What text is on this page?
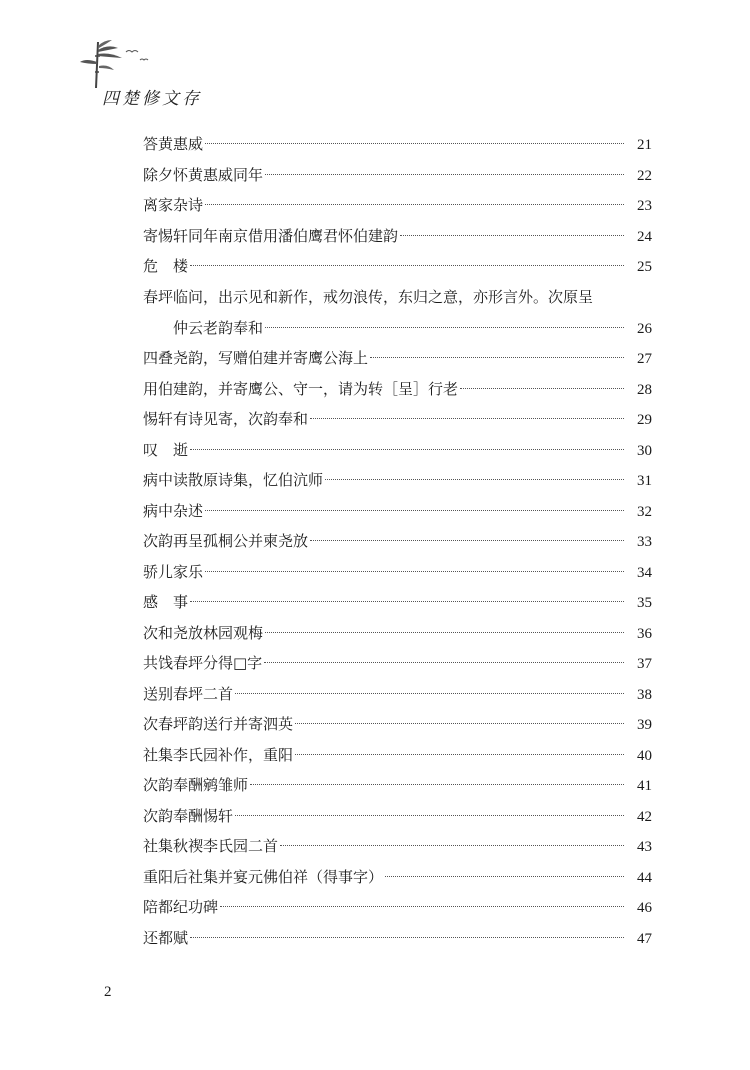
四楚修文存
答黄惠威	21
除夕怀黄惠威同年	22
离家杂诗	23
寄惕轩同年南京借用潘伯鹰君怀伯建韵	24
危　楼	25
春坪临问，出示见和新作，戒勿浪传，东归之意，亦形言外。次原呈
仲云老韵奉和	26
四叠尧韵，写赠伯建并寄鹰公海上	27
用伯建韵，并寄鹰公、守一，请为转［呈］行老	28
惕轩有诗见寄，次韵奉和	29
叹　逝	30
病中读散原诗集，忆伯沆师	31
病中杂述	32
次韵再呈孤桐公并柬尧放	33
骄儿家乐	34
感　事	35
次和尧放林园观梅	36
共饯春坪分得□字	37
送别春坪二首	38
次春坪韵送行并寄泗英	39
社集李氏园补作，重阳	40
次韵奉酬鹓雏师	41
次韵奉酬惕轩	42
社集秋禊李氏园二首	43
重阳后社集并宴元佛伯祥（得事字）	44
陪都纪功碑	46
还都赋	47
2
